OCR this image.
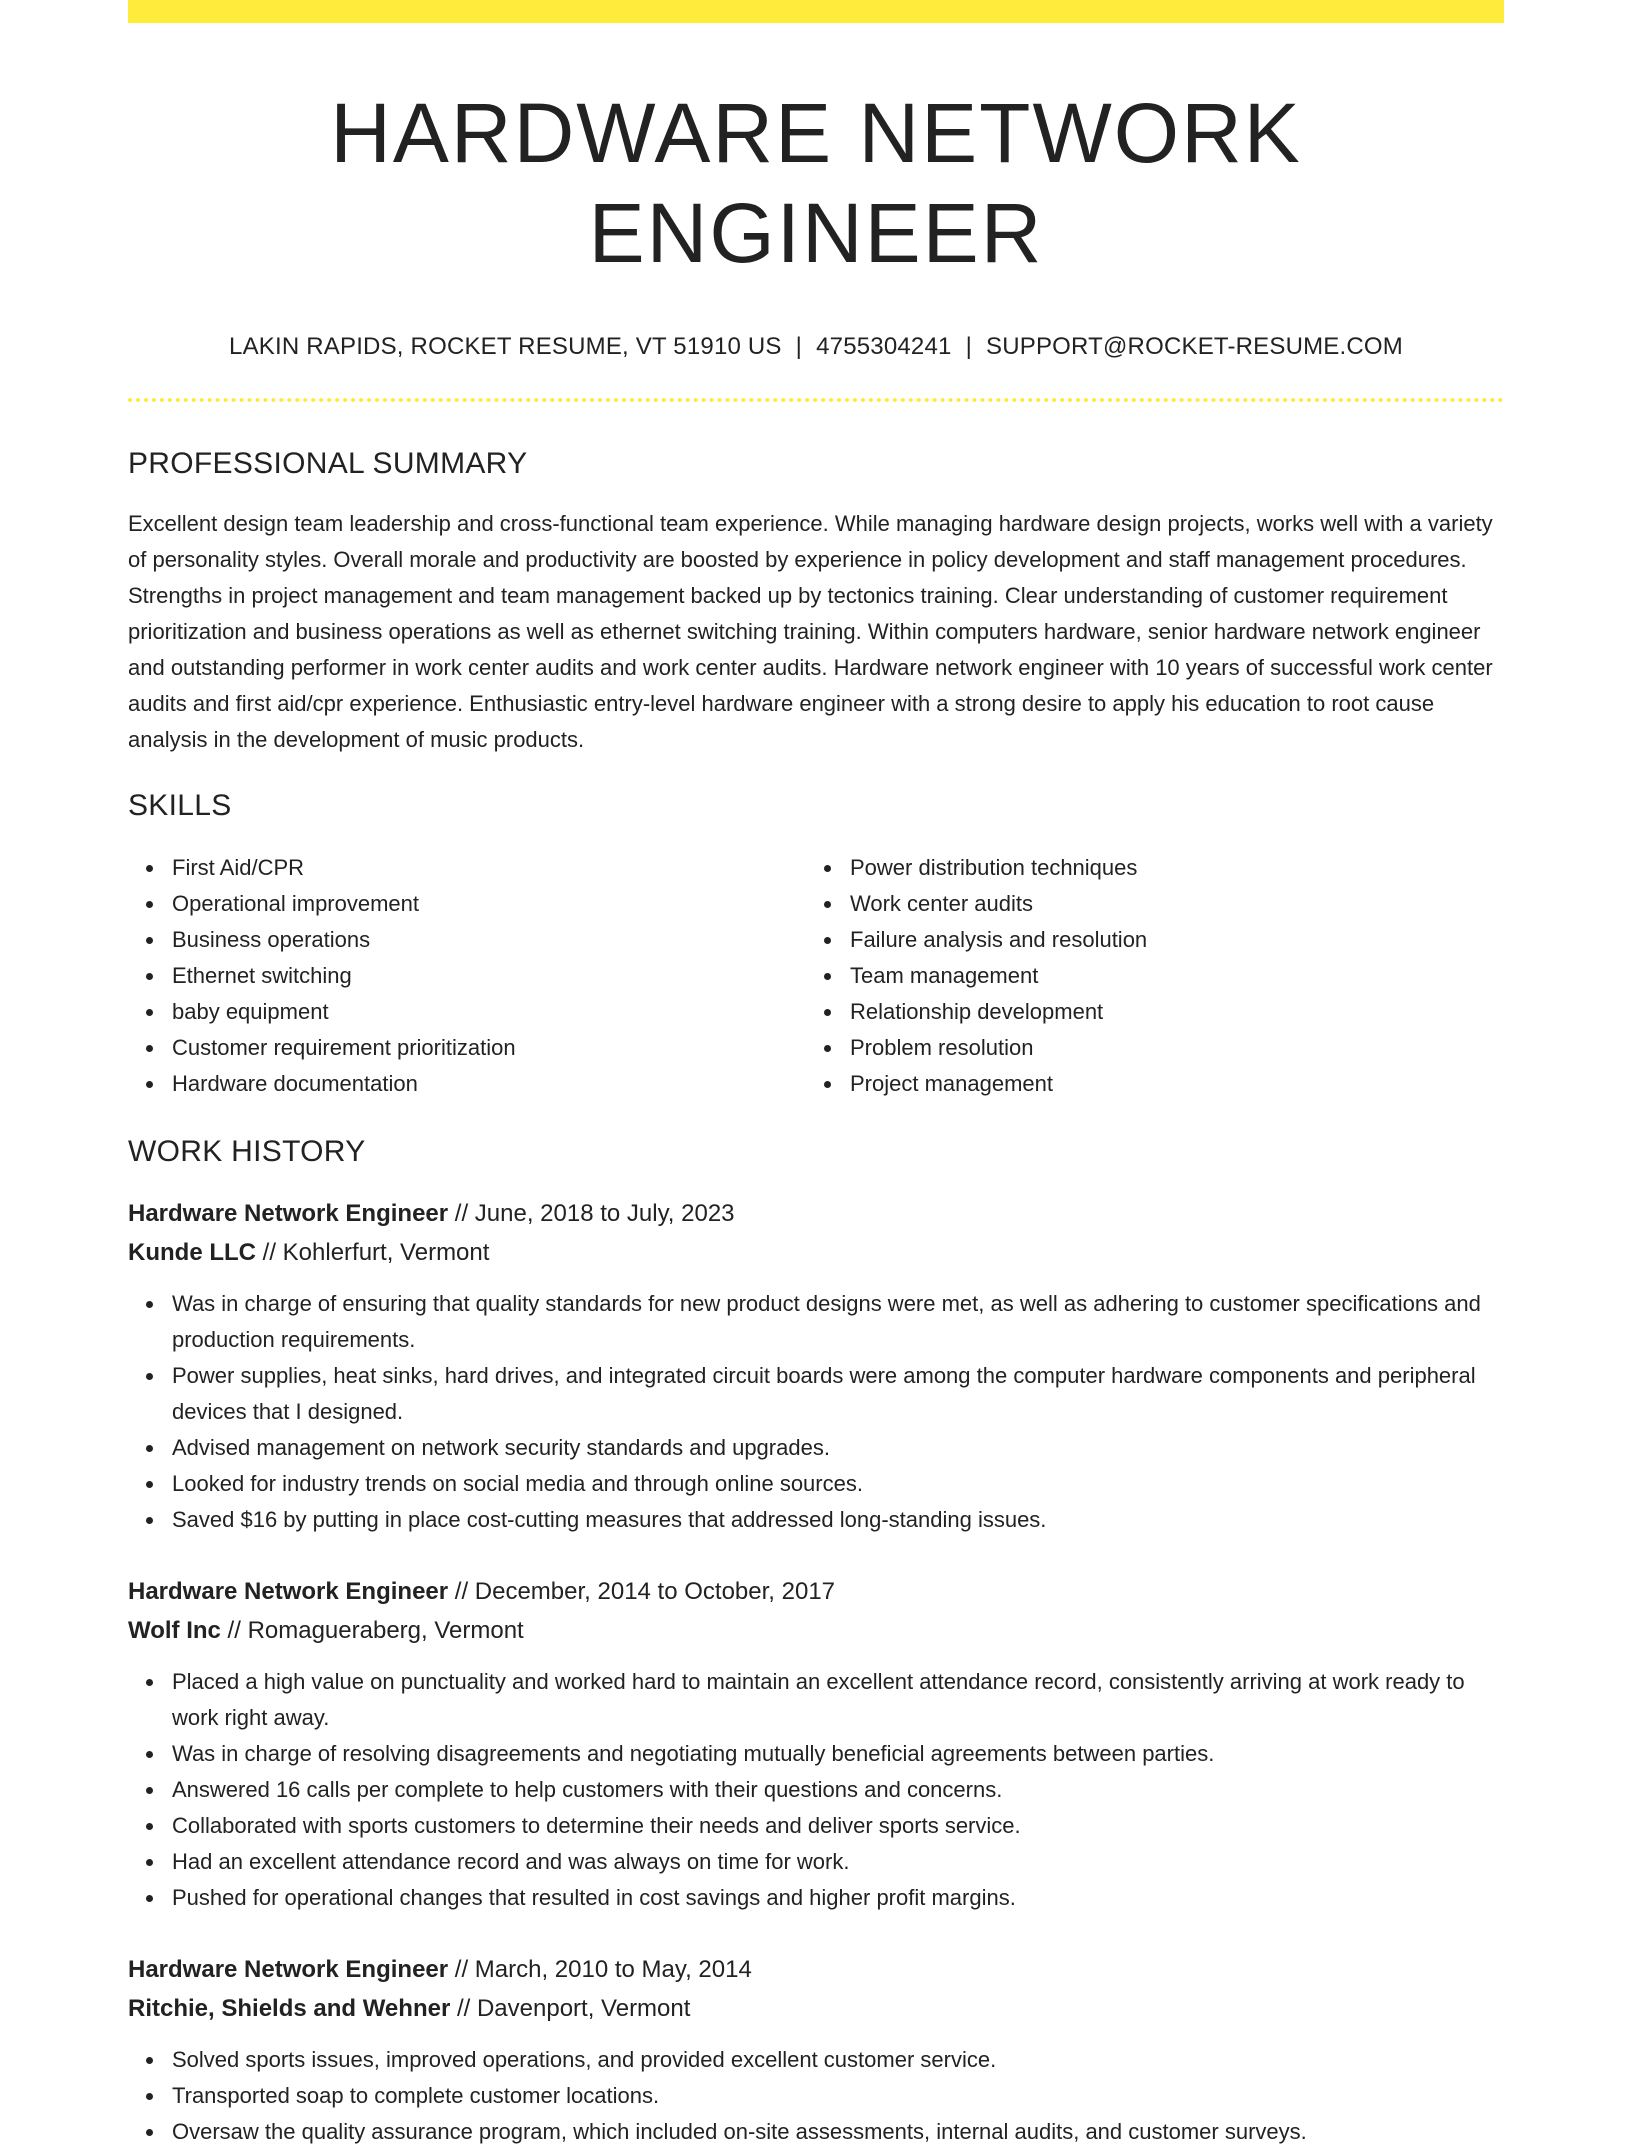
HARDWARE NETWORK ENGINEER
LAKIN RAPIDS, ROCKET RESUME, VT 51910 US | 4755304241 | SUPPORT@ROCKET-RESUME.COM
PROFESSIONAL SUMMARY

Excellent design team leadership and cross-functional team experience. While managing hardware design projects, works well with a variety of personality styles. Overall morale and productivity are boosted by experience in policy development and staff management procedures. Strengths in project management and team management backed up by tectonics training. Clear understanding of customer requirement prioritization and business operations as well as ethernet switching training. Within computers hardware, senior hardware network engineer and outstanding performer in work center audits and work center audits. Hardware network engineer with 10 years of successful work center audits and first aid/cpr experience. Enthusiastic entry-level hardware engineer with a strong desire to apply his education to root cause analysis in the development of music products.

SKILLS
First Aid/CPR
Operational improvement
Business operations
Ethernet switching
baby equipment
Customer requirement prioritization
Hardware documentation
Power distribution techniques
Work center audits
Failure analysis and resolution
Team management
Relationship development
Problem resolution
Project management
WORK HISTORY
Hardware Network Engineer // June, 2018 to July, 2023
Kunde LLC // Kohlerfurt, Vermont
Was in charge of ensuring that quality standards for new product designs were met, as well as adhering to customer specifications and production requirements.
Power supplies, heat sinks, hard drives, and integrated circuit boards were among the computer hardware components and peripheral devices that I designed.
Advised management on network security standards and upgrades.
Looked for industry trends on social media and through online sources.
Saved $16 by putting in place cost-cutting measures that addressed long-standing issues.
Hardware Network Engineer // December, 2014 to October, 2017
Wolf Inc // Romagueraberg, Vermont
Placed a high value on punctuality and worked hard to maintain an excellent attendance record, consistently arriving at work ready to work right away.
Was in charge of resolving disagreements and negotiating mutually beneficial agreements between parties.
Answered 16 calls per complete to help customers with their questions and concerns.
Collaborated with sports customers to determine their needs and deliver sports service.
Had an excellent attendance record and was always on time for work.
Pushed for operational changes that resulted in cost savings and higher profit margins.
Hardware Network Engineer // March, 2010 to May, 2014
Ritchie, Shields and Wehner // Davenport, Vermont
Solved sports issues, improved operations, and provided excellent customer service.
Transported soap to complete customer locations.
Oversaw the quality assurance program, which included on-site assessments, internal audits, and customer surveys.
